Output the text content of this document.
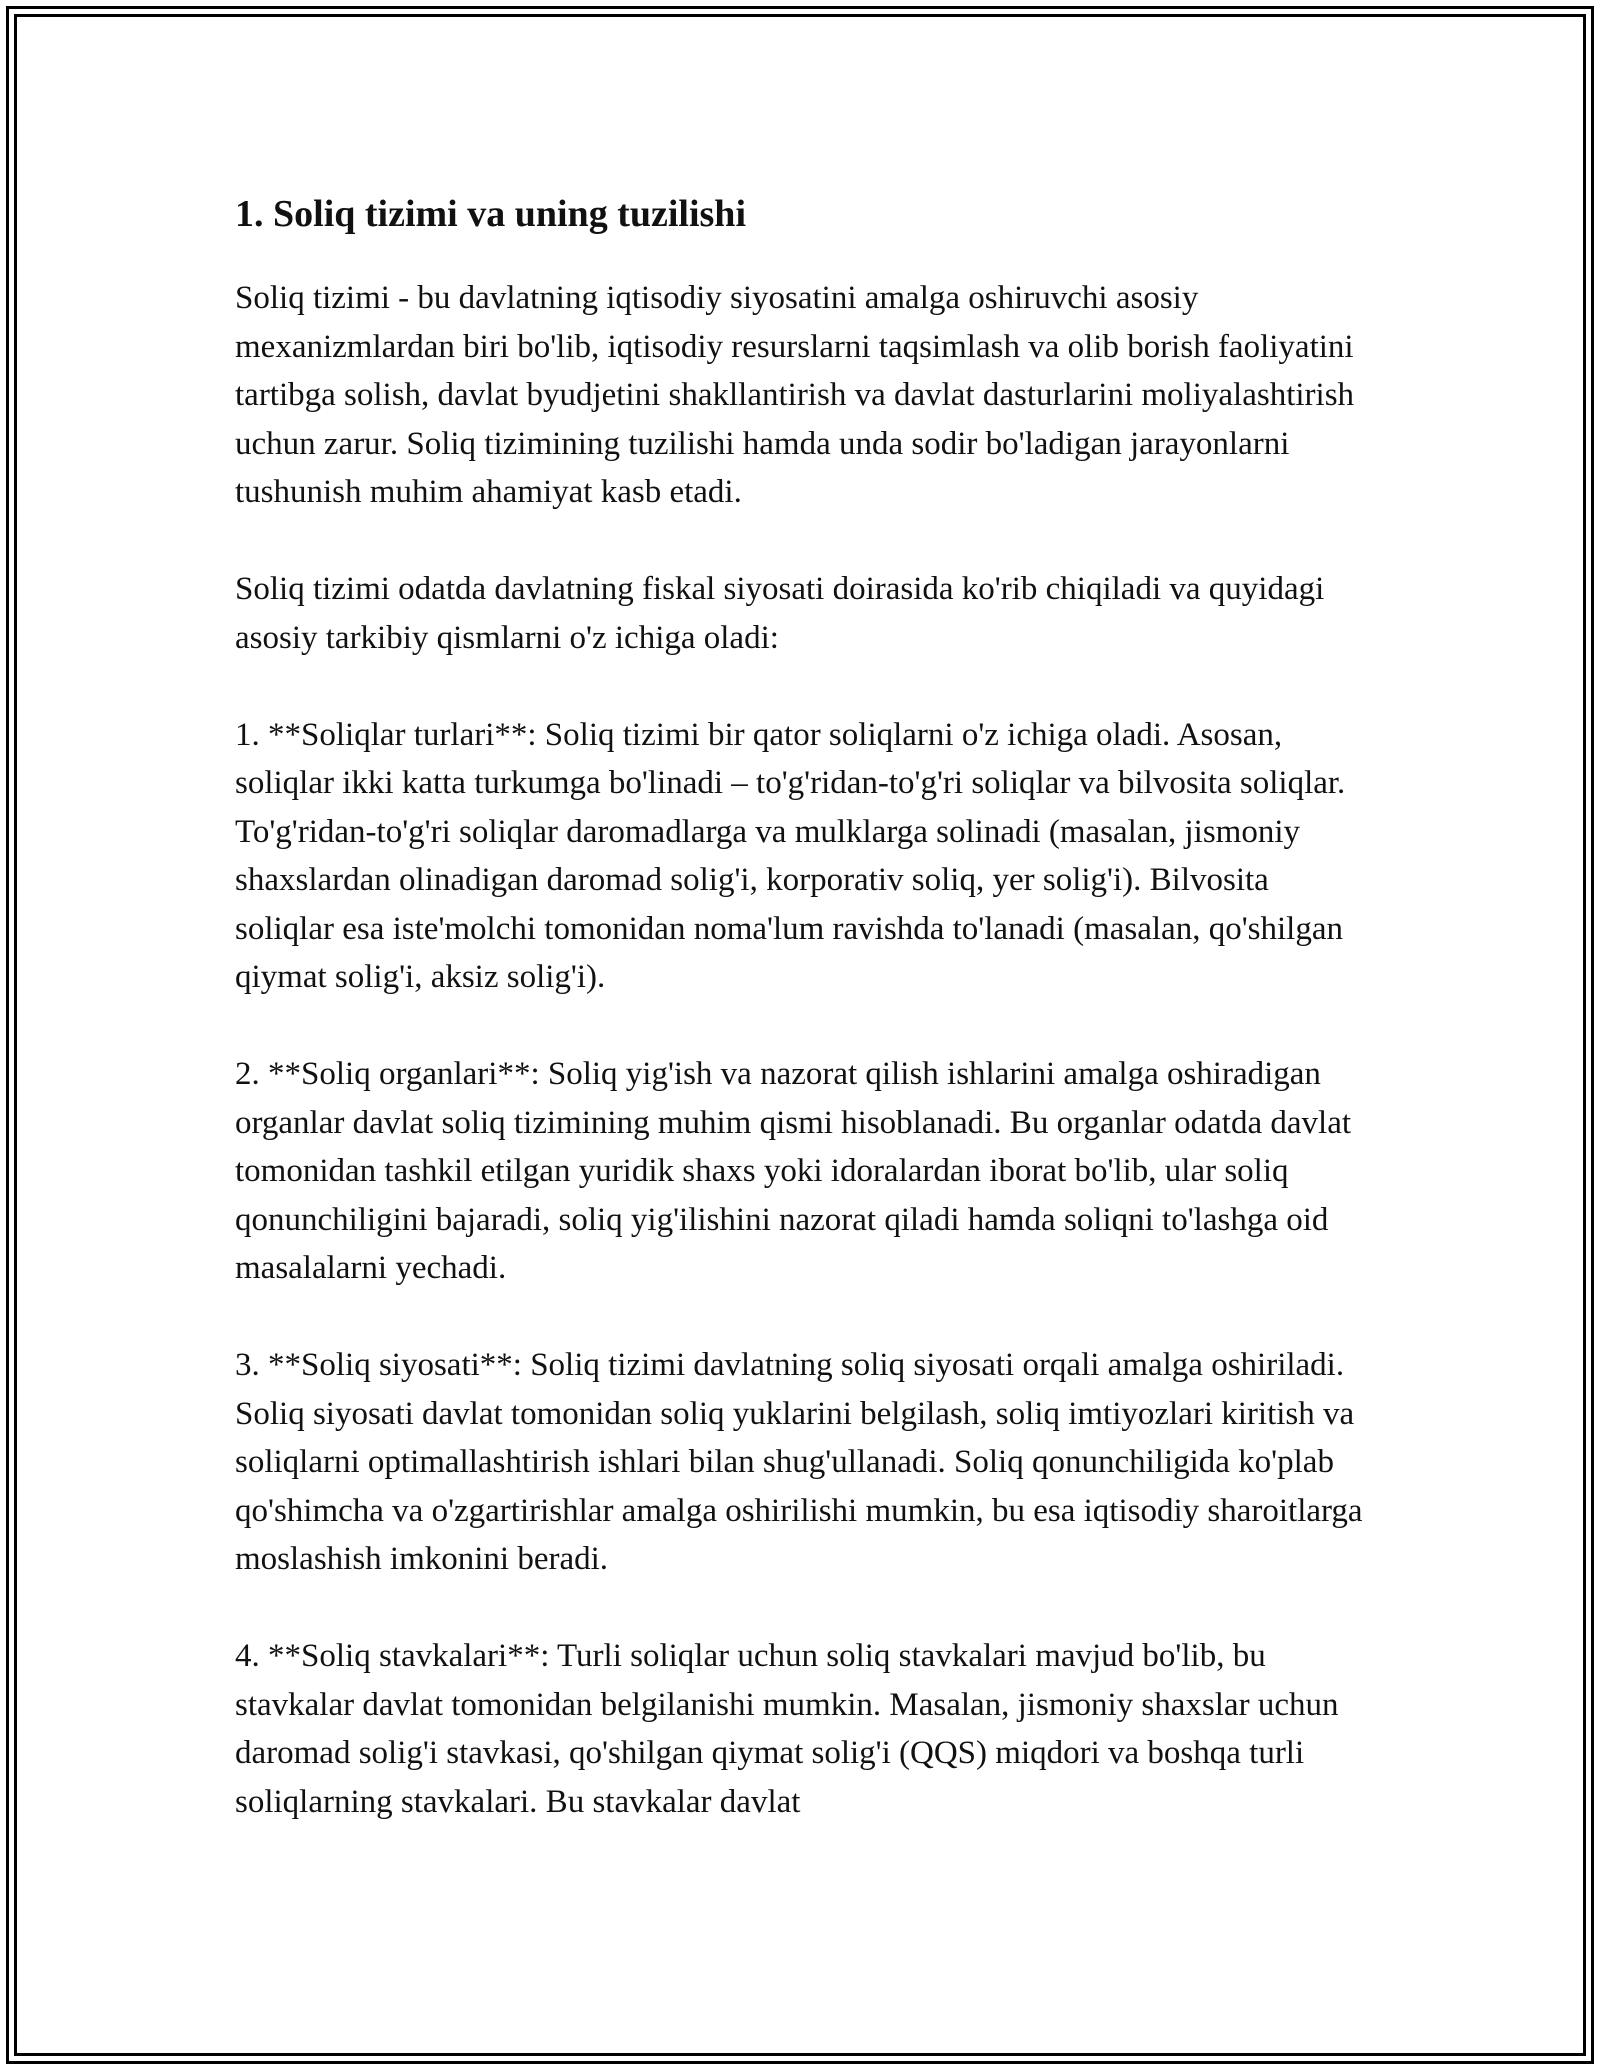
1. Soliq tizimi va uning tuzilishi

Soliq tizimi - bu davlatning iqtisodiy siyosatini amalga oshiruvchi asosiy mexanizmlardan biri bo'lib, iqtisodiy resurslarni taqsimlash va olib borish faoliyatini tartibga solish, davlat byudjetini shakllantirish va davlat dasturlarini moliyalashtirish uchun zarur. Soliq tizimining tuzilishi hamda unda sodir bo'ladigan jarayonlarni tushunish muhim ahamiyat kasb etadi.

Soliq tizimi odatda davlatning fiskal siyosati doirasida ko'rib chiqiladi va quyidagi asosiy tarkibiy qismlarni o'z ichiga oladi:

1. **Soliqlar turlari**: Soliq tizimi bir qator soliqlarni o'z ichiga oladi. Asosan, soliqlar ikki katta turkumga bo'linadi – to'g'ridan-to'g'ri soliqlar va bilvosita soliqlar. To'g'ridan-to'g'ri soliqlar daromadlarga va mulklarga solinadi (masalan, jismoniy shaxslardan olinadigan daromad solig'i, korporativ soliq, yer solig'i). Bilvosita soliqlar esa iste'molchi tomonidan noma'lum ravishda to'lanadi (masalan, qo'shilgan qiymat solig'i, aksiz solig'i).

2. **Soliq organlari**: Soliq yig'ish va nazorat qilish ishlarini amalga oshiradigan organlar davlat soliq tizimining muhim qismi hisoblanadi. Bu organlar odatda davlat tomonidan tashkil etilgan yuridik shaxs yoki idoralardan iborat bo'lib, ular soliq qonunchiligini bajaradi, soliq yig'ilishini nazorat qiladi hamda soliqni to'lashga oid masalalarni yechadi.

3. **Soliq siyosati**: Soliq tizimi davlatning soliq siyosati orqali amalga oshiriladi. Soliq siyosati davlat tomonidan soliq yuklarini belgilash, soliq imtiyozlari kiritish va soliqlarni optimallashtirish ishlari bilan shug'ullanadi. Soliq qonunchiligida ko'plab qo'shimcha va o'zgartirishlar amalga oshirilishi mumkin, bu esa iqtisodiy sharoitlarga moslashish imkonini beradi.

4. **Soliq stavkalari**: Turli soliqlar uchun soliq stavkalari mavjud bo'lib, bu stavkalar davlat tomonidan belgilanishi mumkin. Masalan, jismoniy shaxslar uchun daromad solig'i stavkasi, qo'shilgan qiymat solig'i (QQS) miqdori va boshqa turli soliqlarning stavkalari. Bu stavkalar davlat
